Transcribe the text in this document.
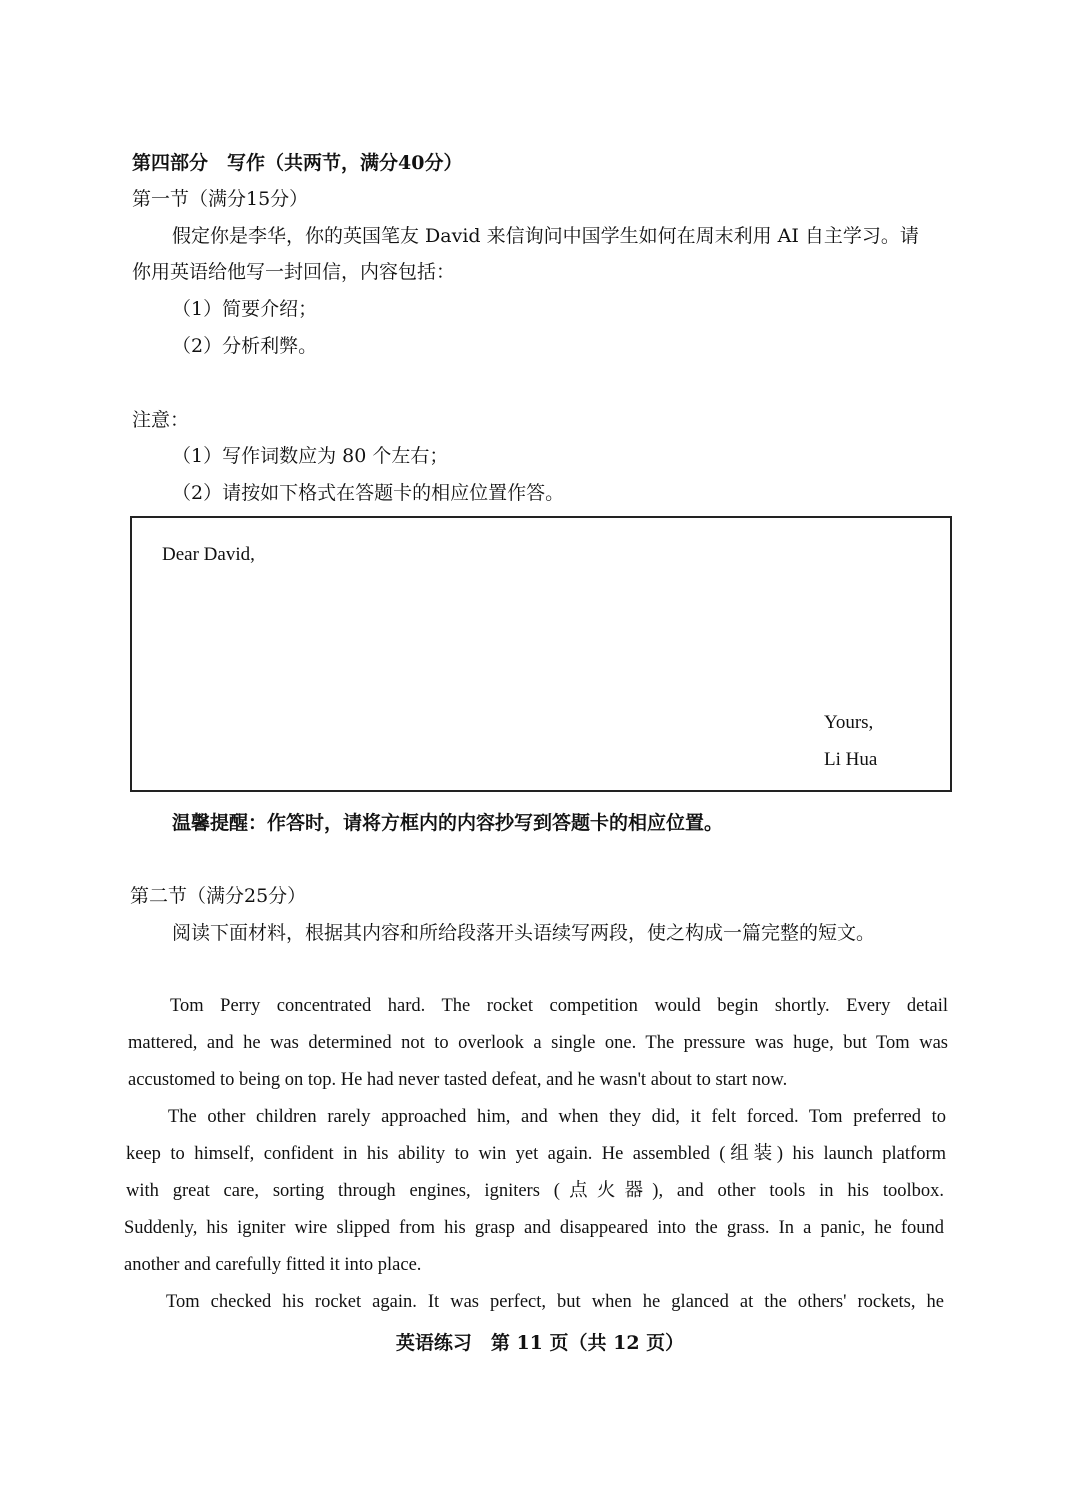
第四部分　写作（共两节，满分40分）
第一节（满分15分）
假定你是李华，你的英国笔友 David 来信询问中国学生如何在周末利用 AI 自主学习。请
你用英语给他写一封回信，内容包括：
（1）简要介绍；
（2）分析利弊。
注意：
（1）写作词数应为 80 个左右；
（2）请按如下格式在答题卡的相应位置作答。
Dear David,
Yours,
Li Hua
温馨提醒：作答时，请将方框内的内容抄写到答题卡的相应位置。
第二节（满分25分）
阅读下面材料，根据其内容和所给段落开头语续写两段，使之构成一篇完整的短文。
Tom Perry concentrated hard. The rocket competition would begin shortly. Every detail
mattered, and he was determined not to overlook a single one. The pressure was huge, but Tom was
accustomed to being on top. He had never tasted defeat, and he wasn't about to start now.
The other children rarely approached him, and when they did, it felt forced. Tom preferred to
keep to himself, confident in his ability to win yet again. He assembled (组装) his launch platform
with great care, sorting through engines, igniters (点火器), and other tools in his toolbox.
Suddenly, his igniter wire slipped from his grasp and disappeared into the grass. In a panic, he found
another and carefully fitted it into place.
Tom checked his rocket again. It was perfect, but when he glanced at the others' rockets, he
英语练习　第 11 页（共 12 页）
